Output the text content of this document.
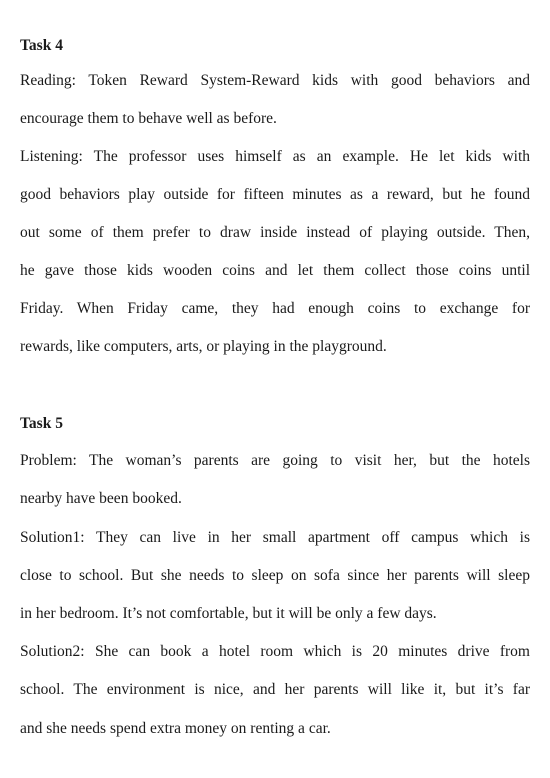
Task 4
Reading: Token Reward System-Reward kids with good behaviors and
encourage them to behave well as before.
Listening: The professor uses himself as an example. He let kids with
good behaviors play outside for fifteen minutes as a reward, but he found
out some of them prefer to draw inside instead of playing outside. Then,
he gave those kids wooden coins and let them collect those coins until
Friday. When Friday came, they had enough coins to exchange for
rewards, like computers, arts, or playing in the playground.
Task 5
Problem: The woman’s parents are going to visit her, but the hotels
nearby have been booked.
Solution1: They can live in her small apartment off campus which is
close to school. But she needs to sleep on sofa since her parents will sleep
in her bedroom. It’s not comfortable, but it will be only a few days.
Solution2: She can book a hotel room which is 20 minutes drive from
school. The environment is nice, and her parents will like it, but it’s far
and she needs spend extra money on renting a car.
